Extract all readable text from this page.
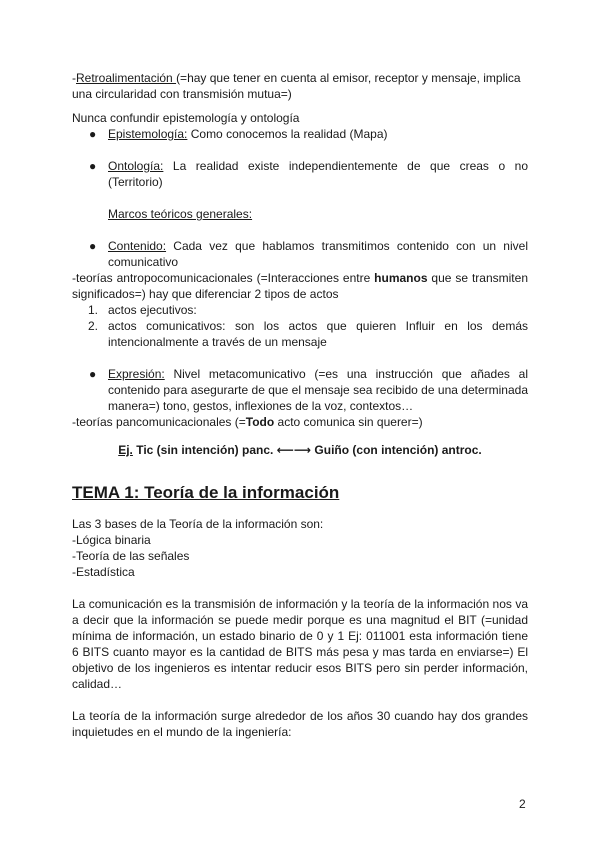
-Retroalimentación (=hay que tener en cuenta al emisor, receptor y mensaje, implica

una circularidad con transmisión mutua=)

Nunca confundir epistemología y ontología

● Epistemología: Como conocemos la realidad (Mapa)
● Ontología: La realidad existe independientemente de que creas o no (Territorio)
Marcos teóricos generales:
● Contenido: Cada vez que hablamos transmitimos contenido con un nivel comunicativo

-teorías antropocomunicacionales (=Interacciones entre humanos que se transmiten significados=) hay que diferenciar 2 tipos de actos

1. actos ejecutivos:
2. actos comunicativos: son los actos que quieren Influir en los demás intencionalmente a través de un mensaje
● Expresión: Nivel metacomunicativo (=es una instrucción que añades al contenido para asegurarte de que el mensaje sea recibido de una determinada manera=) tono, gestos, inflexiones de la voz, contextos…

-teorías pancomunicacionales (=Todo acto comunica sin querer=)

Ej. Tic (sin intención) panc. ⟵⟶ Guiño (con intención) antroc.

TEMA 1: Teoría de la información

Las 3 bases de la Teoría de la información son:

-Lógica binaria

-Teoría de las señales

-Estadística

La comunicación es la transmisión de información y la teoría de la información nos va a decir que la información se puede medir porque es una magnitud el BIT (=unidad mínima de información, un estado binario de 0 y 1 Ej: 011001 esta información tiene 6 BITS cuanto mayor es la cantidad de BITS más pesa y mas tarda en enviarse=) El objetivo de los ingenieros es intentar reducir esos BITS pero sin perder información, calidad…

La teoría de la información surge alrededor de los años 30 cuando hay dos grandes inquietudes en el mundo de la ingeniería:

2
